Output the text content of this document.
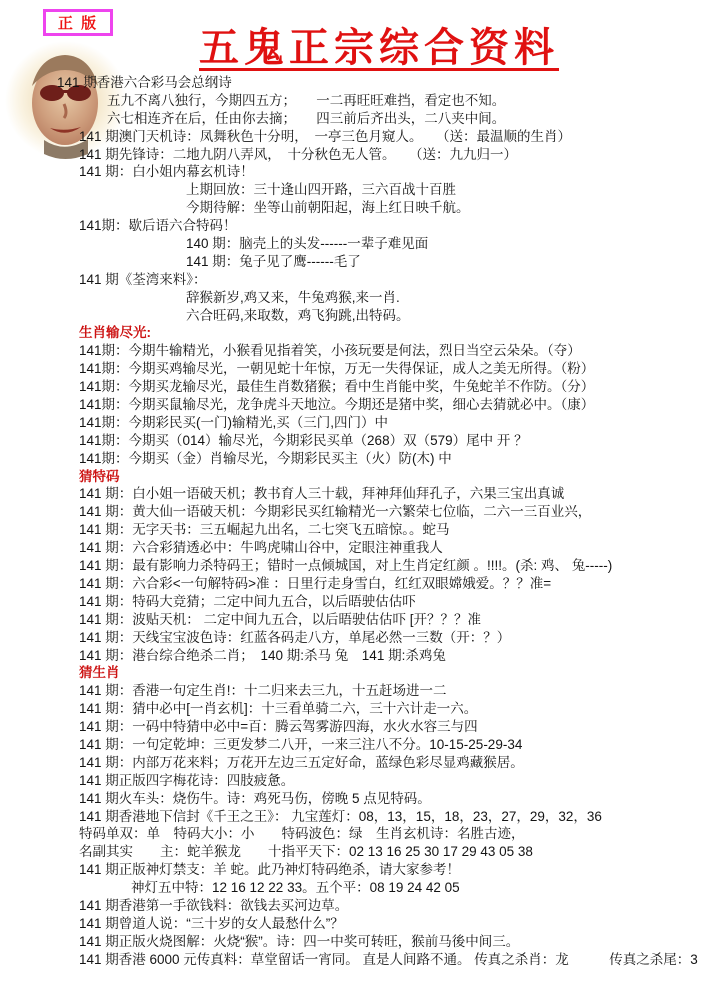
正 版
五鬼正宗综合资料
141 期香港六合彩马会总纲诗
五九不离八独行，今期四五方；　　一二再旺旺难挡，看定也不知。
六七相连齐在后，任由你去摘；　　四三前后齐出头，二八夹中间。
141 期澳门天机诗：凤舞秋色十分明，　一亭三色月窥人。　　（送：最温顺的生肖）
141 期先锋诗：二地九阴八弄风，　十分秋色无人管。　　（送：九九归一）
141 期：白小姐内幕玄机诗！
上期回放：三十逢山四开路，三六百战十百胜
今期待解：坐等山前朝阳起，海上红日映千航。
141期：歇后语六合特码！
140 期：脑壳上的头发------一辈子难见面
141 期：兔子见了鹰------毛了
141 期《荃湾来料》：
辞猴新岁,鸡又来，牛兔鸡猴,来一肖.
六合旺码,来取数，鸡飞狗跳,出特码。
生肖输尽光:
141期：今期牛输精光，小猴看见指着笑，小孩玩要是何法，烈日当空云朵朵。（夺）
141期：今期买鸡输尽光，一朝见蛇十年惊，万无一失得保证，成人之美无所得。（粉）
141期：今期买龙输尽光，最佳生肖数猪猴；看中生肖能中奖，牛兔蛇羊不作防。（分）
141期：今期买鼠输尽光，龙争虎斗天地泣。今期还是猪中奖，细心去猜就必中。（康）
141期：今期彩民买(一门)输精光,买（三门,四门）中
141期：今期买（014）输尽光，今期彩民买单（268）双（579）尾中 开 ？
141期：今期买（金）肖输尽光，今期彩民买主（火）防(木) 中
猜特码
141 期：白小姐一语破天机；教书育人三十载，拜神拜仙拜孔子，六果三宝出真诚
141 期：黄大仙一语破天机：今期彩民买红输精光一六繁荣七位临，二六一三百业兴，
141 期：无字天书：三五崛起九出名，二七突飞五暗惊。。蛇马
141 期：六合彩猜透必中：牛鸣虎啸山谷中，定眼注神重我人
141 期：最有影响力杀特码王；错时一点倾城国，对上生肖定红颜 。!!!!。(杀: 鸡、 兔-----)
141 期：六合彩<一句解特码>准 ：日里行走身雪白，红红双眼嫦娥爱。？？准=
141 期：特码大竞猜；二定中间九五合，以后晤驶估估吓
141 期：波贴天机： 二定中间九五合，以后晤驶估估吓 [开？？？准
141 期：天线宝宝波色诗：红蓝各码走八方，单尾必然一三数（开：？）
141 期：港台综合绝杀二肖；　140 期:杀马 兔　141 期:杀鸡兔
猜生肖
141 期：香港一句定生肖!：十二归来去三九，十五赶场进一二
141 期：猜中必中[一肖玄机]：十三看单骑二六，三十六计走一六。
141 期：一码中特猜中必中=百：腾云驾雾游四海，水火水容三与四
141 期：一句定乾坤：三更发梦二八开，一来三注八不分。10-15-25-29-34
141 期：内部万花来料；万花开左边三五定好命，蓝绿色彩尽显鸡藏猴居。
141 期正版四字梅花诗：四肢疲惫。
141 期火车头：烧伤牛。诗：鸡死马伤，傍晚 5 点见特码。
141 期香港地下信封《千王之王》： 九宝莲灯：08，13，15，18，23，27，29，32，36
特码单双：单　特码大小：小　　特码波色：绿　生肖玄机诗：名胜古迹，
名副其实　　主：蛇羊猴龙　　十指平天下：02 13 16 25 30 17 29 43 05 38
141 期正版神灯禁支：羊 蛇。此乃神灯特码绝杀，请大家参考！
神灯五中特：12 16 12 22 33。五个平：08 19 24 42 05
141 期香港第一手欲钱料：欲钱去买河边草。
141 期曾道人说：“三十岁的女人最愁什么”？
141 期正版火烧图解：火烧“猴”。诗：四一中奖可转旺，猴前马後中间三。
141 期香港 6000 元传真料：草堂留话一宵同。 直是人间路不通。 传真之杀肖：龙　　　传真之杀尾：3
